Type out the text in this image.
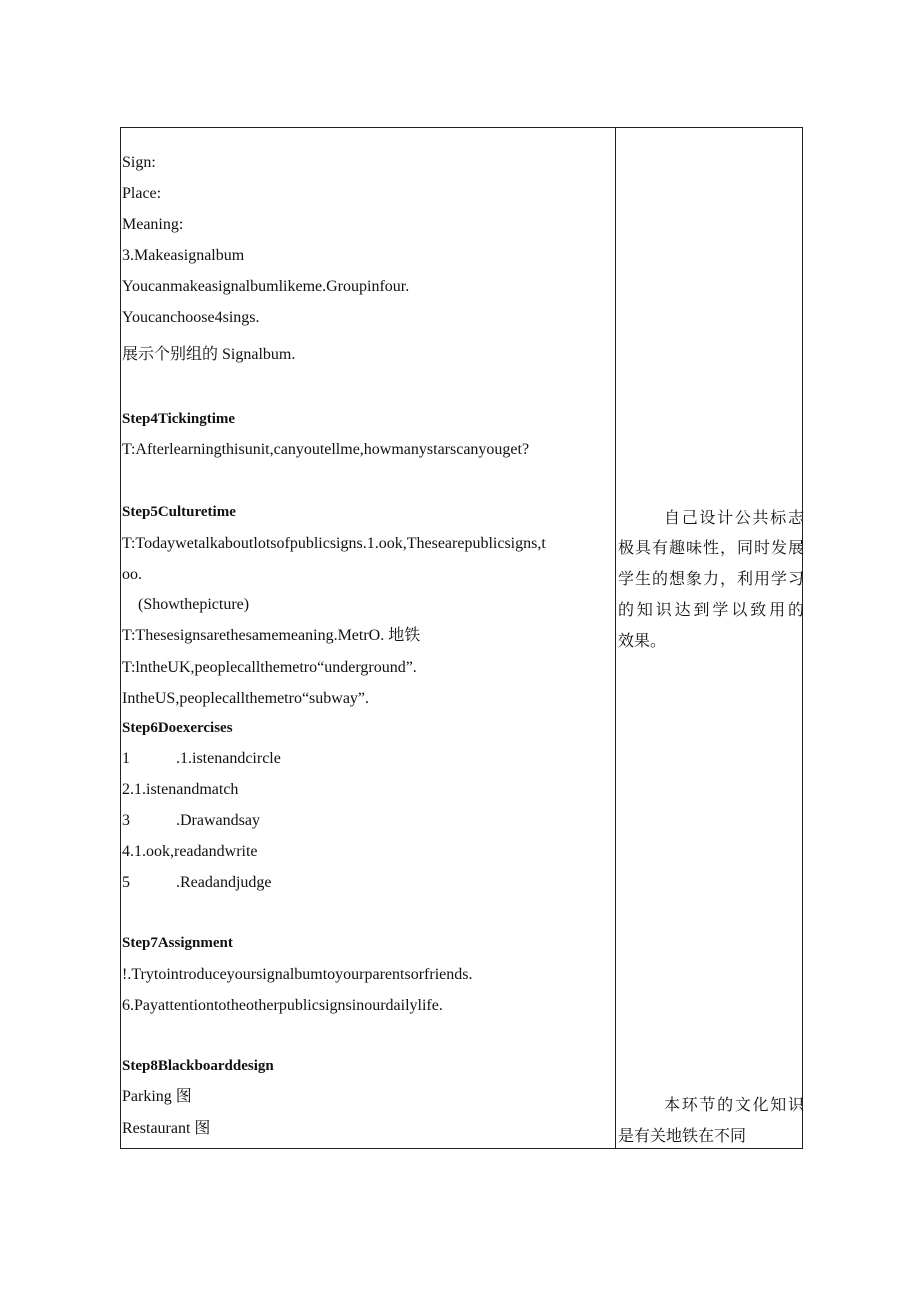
Sign:
Place:
Meaning:
3.Makeasignalbum
Youcanmakeasignalbumlikeme.Groupinfour.
Youcanchoose4sings.
展示个别组的 Signalbum.
Step4Tickingtime
T:Afterlearningthisunit,canyoutellme,howmanystarscanyouget?
Step5Culturetime
T:Todaywetalkaboutlotsofpublicsigns.1.ook,Thesearepublicsigns,t
oo.
(Showthepicture)
T:Thesesignsarethesamemeaning.MetrO. 地铁
T:lntheUK,peoplecallthemetro“underground”.
IntheUS,peoplecallthemetro“subway”.
Step6Doexercises
1	.1.istenandcircle
2.1.istenandmatch
3	.Drawandsay
4.1.ook,readandwrite
5	.Readandjudge
Step7Assignment
!.Trytointroduceyoursignalbumtoyourparentsorfriends.
6.Payattentiontotheotherpublicsignsinourdailylife.
Step8Blackboarddesign
Parking 图
Restaurant 图
自己设计公共标志
极具有趣味性，同时发展
学生的想象力，利用学习
的知识达到学以致用的
效果。
本环节的文化知识
是有关地铁在不同
